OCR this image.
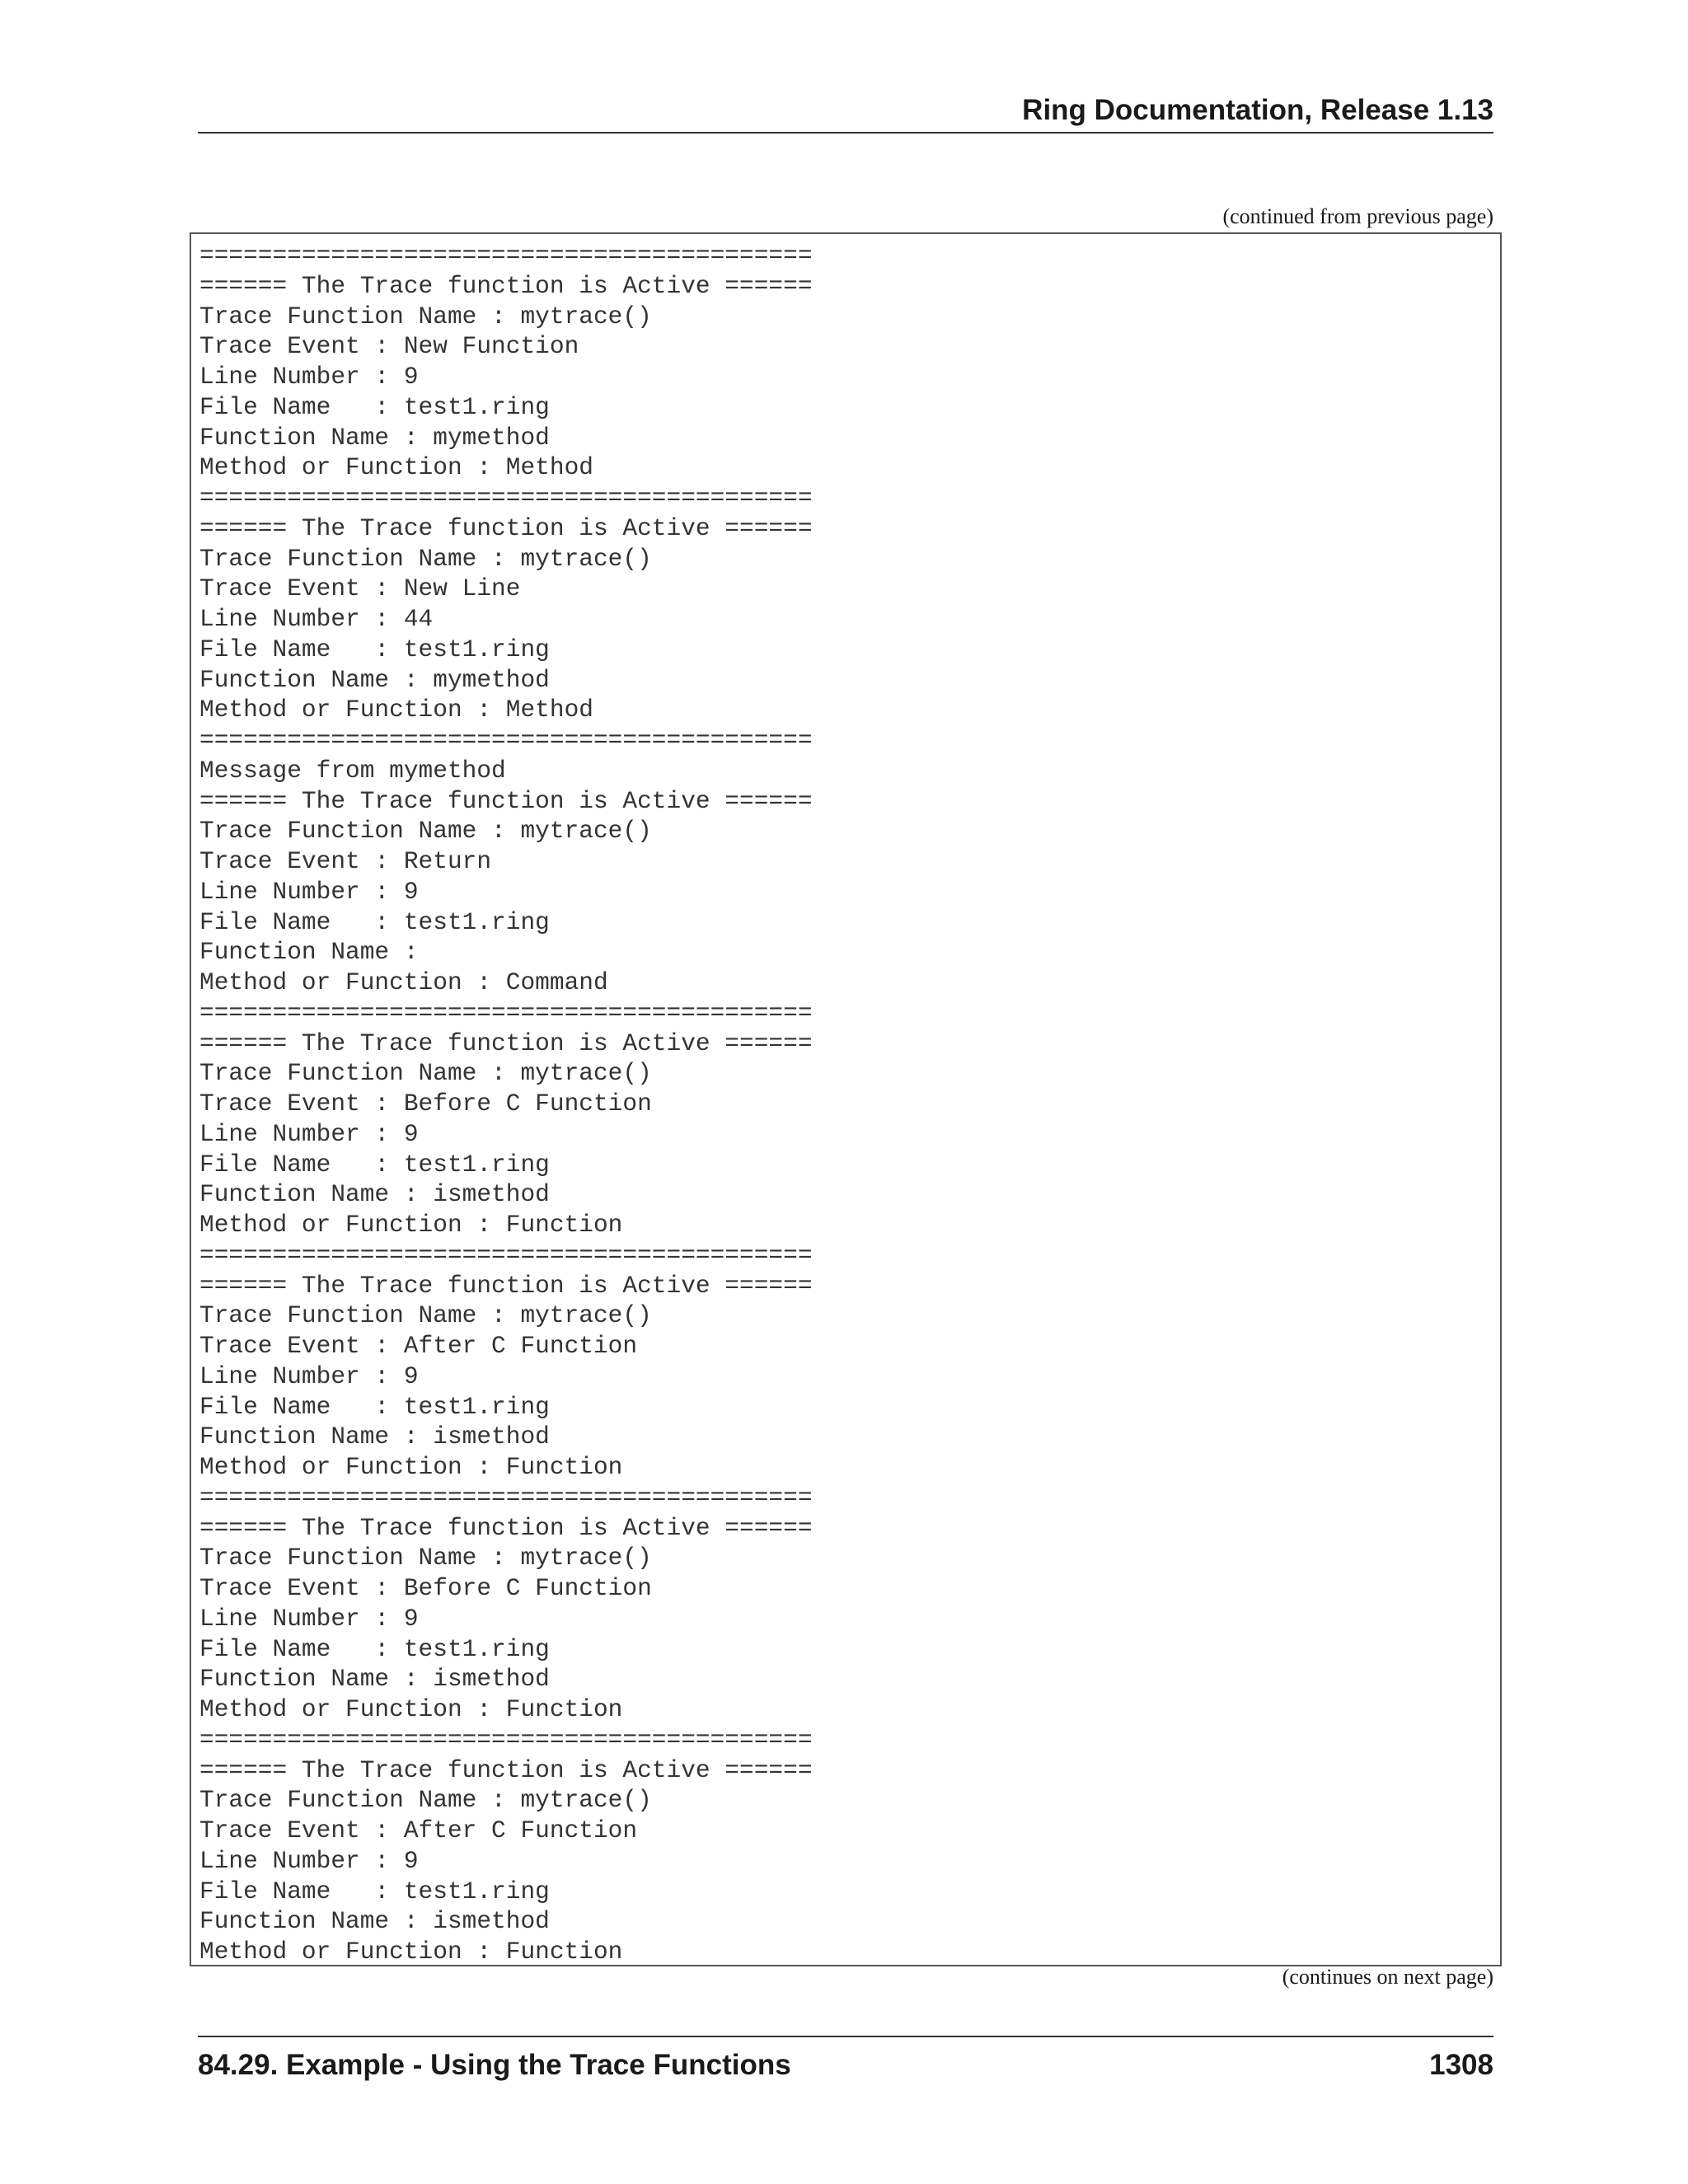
Ring Documentation, Release 1.13
(continued from previous page)
==========================================
====== The Trace function is Active ======
Trace Function Name : mytrace()
Trace Event : New Function
Line Number : 9
File Name   : test1.ring
Function Name : mymethod
Method or Function : Method
==========================================
====== The Trace function is Active ======
Trace Function Name : mytrace()
Trace Event : New Line
Line Number : 44
File Name   : test1.ring
Function Name : mymethod
Method or Function : Method
==========================================
Message from mymethod
====== The Trace function is Active ======
Trace Function Name : mytrace()
Trace Event : Return
Line Number : 9
File Name   : test1.ring
Function Name :
Method or Function : Command
==========================================
====== The Trace function is Active ======
Trace Function Name : mytrace()
Trace Event : Before C Function
Line Number : 9
File Name   : test1.ring
Function Name : ismethod
Method or Function : Function
==========================================
====== The Trace function is Active ======
Trace Function Name : mytrace()
Trace Event : After C Function
Line Number : 9
File Name   : test1.ring
Function Name : ismethod
Method or Function : Function
==========================================
====== The Trace function is Active ======
Trace Function Name : mytrace()
Trace Event : Before C Function
Line Number : 9
File Name   : test1.ring
Function Name : ismethod
Method or Function : Function
==========================================
====== The Trace function is Active ======
Trace Function Name : mytrace()
Trace Event : After C Function
Line Number : 9
File Name   : test1.ring
Function Name : ismethod
Method or Function : Function
(continues on next page)
84.29. Example - Using the Trace Functions	1308
